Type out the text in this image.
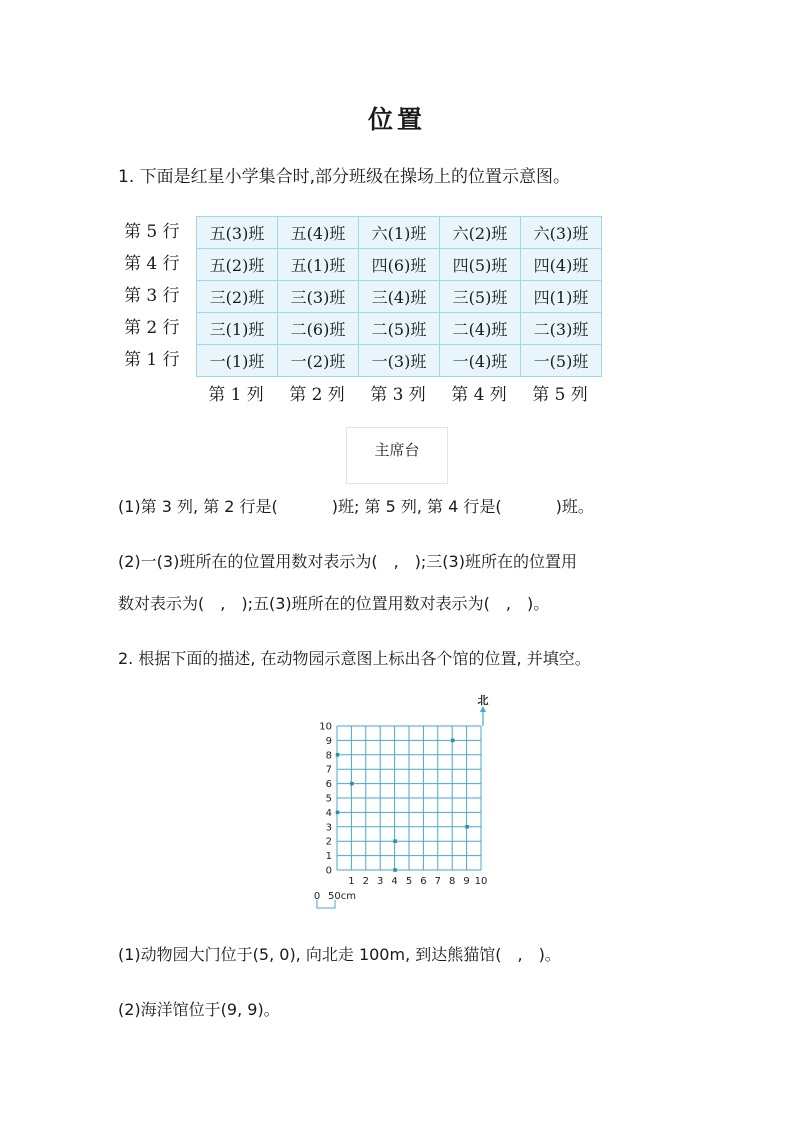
位置
1. 下面是红星小学集合时,部分班级在操场上的位置示意图。
第 5 行
第 4 行
第 3 行
第 2 行
第 1 行
五(3)班	五(4)班	六(1)班	六(2)班	六(3)班
五(2)班	五(1)班	四(6)班	四(5)班	四(4)班
三(2)班	三(3)班	三(4)班	三(5)班	四(1)班
三(1)班	二(6)班	二(5)班	二(4)班	二(3)班
一(1)班	一(2)班	一(3)班	一(4)班	一(5)班
第 1 列	第 2 列	第 3 列	第 4 列	第 5 列
主席台
(1)第 3 列, 第 2 行是(	)班; 第 5 列, 第 4 行是(	)班。
(2)一(3)班所在的位置用数对表示为(　,　);三(3)班所在的位置用
数对表示为(　,　);五(3)班所在的位置用数对表示为(　,　)。
2. 根据下面的描述, 在动物园示意图上标出各个馆的位置, 并填空。
0
1
2
3
4
5
6
7
8
9
10
1 2 3 4 5 6 7 8 9 10
北
0 50cm
(1)动物园大门位于(5, 0), 向北走 100m, 到达熊猫馆(　,　)。
(2)海洋馆位于(9, 9)。
